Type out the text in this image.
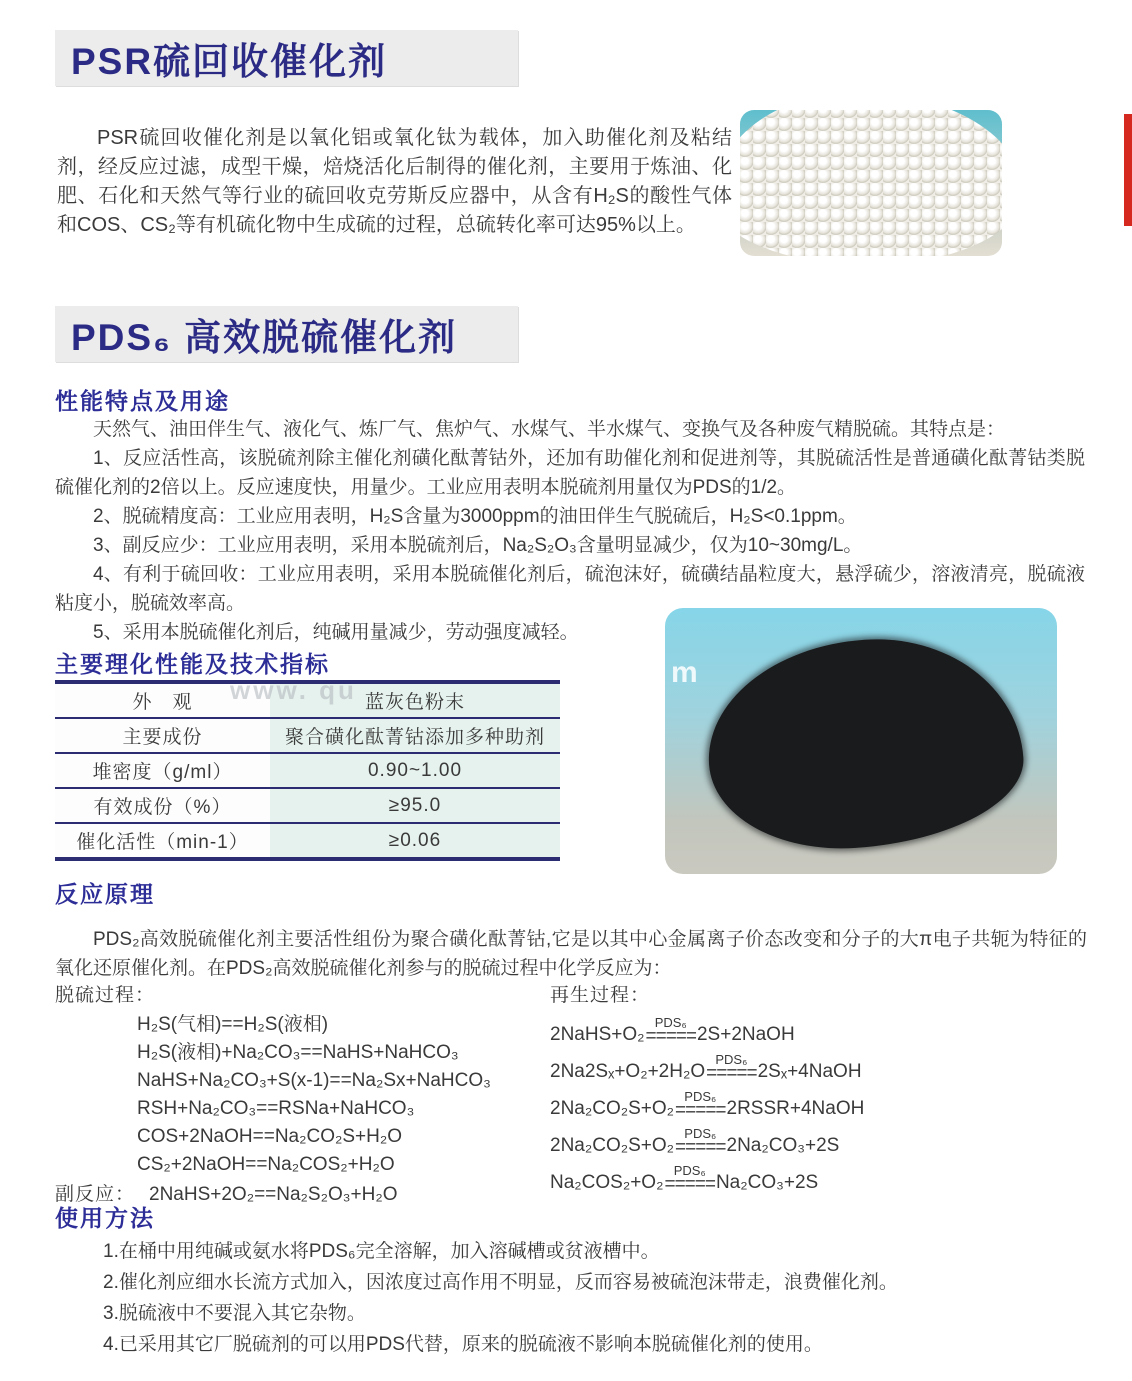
PSR硫回收催化剂

PSR硫回收催化剂是以氧化铝或氧化钛为载体，加入助催化剂及粘结剂，经反应过滤，成型干燥，焙烧活化后制得的催化剂，主要用于炼油、化肥、石化和天然气等行业的硫回收克劳斯反应器中，从含有H₂S的酸性气体和COS、CS₂等有机硫化物中生成硫的过程，总硫转化率可达95%以上。

PDS₆ 高效脱硫催化剂
性能特点及用途

天然气、油田伴生气、液化气、炼厂气、焦炉气、水煤气、半水煤气、变换气及各种废气精脱硫。其特点是：

1、反应活性高，该脱硫剂除主催化剂磺化酞菁钴外，还加有助催化剂和促进剂等，其脱硫活性是普通磺化酞菁钴类脱硫催化剂的2倍以上。反应速度快，用量少。工业应用表明本脱硫剂用量仅为PDS的1/2。

2、脱硫精度高：工业应用表明，H₂S含量为3000ppm的油田伴生气脱硫后，H₂S<0.1ppm。

3、副反应少：工业应用表明，采用本脱硫剂后，Na₂S₂O₃含量明显减少，仅为10~30mg/L。

4、有利于硫回收：工业应用表明，采用本脱硫催化剂后，硫泡沫好，硫磺结晶粒度大，悬浮硫少，溶液清亮，脱硫液粘度小，脱硫效率高。

5、采用本脱硫催化剂后，纯碱用量减少，劳动强度减轻。

主要理化性能及技术指标
外　观	蓝灰色粉末
主要成份	聚合磺化酞菁钴添加多种助剂
堆密度（g/ml）	0.90~1.00
有效成份（%）	≥95.0
催化活性（min-1）	≥0.06
www. qu
m
反应原理

PDS₂高效脱硫催化剂主要活性组份为聚合磺化酞菁钴,它是以其中心金属离子价态改变和分子的大π电子共轭为特征的氧化还原催化剂。在PDS₂高效脱硫催化剂参与的脱硫过程中化学反应为：

脱硫过程：
H₂S(气相)==H₂S(液相)
H₂S(液相)+Na₂CO₃==NaHS+NaHCO₃
NaHS+Na₂CO₃+S(x-1)==Na₂Sx+NaHCO₃
RSH+Na₂CO₃==RSNa+NaHCO₃
COS+2NaOH==Na₂CO₂S+H₂O
CS₂+2NaOH==Na₂COS₂+H₂O
副反应： 2NaHS+2O₂==Na₂S₂O₃+H₂O
再生过程：
2NaHS+O₂
PDS₆
===== 2S+2NaOH
2Na2Sₓ+O₂+2H₂O
PDS₆
===== 2Sₓ+4NaOH
2Na₂CO₂S+O₂
PDS₆
===== 2RSSR+4NaOH
2Na₂CO₂S+O₂
PDS₆
===== 2Na₂CO₃+2S
Na₂COS₂+O₂
PDS₆
===== Na₂CO₃+2S
使用方法
1.在桶中用纯碱或氨水将PDS₆完全溶解，加入溶碱槽或贫液槽中。
2.催化剂应细水长流方式加入，因浓度过高作用不明显，反而容易被硫泡沫带走，浪费催化剂。
3.脱硫液中不要混入其它杂物。
4.已采用其它厂脱硫剂的可以用PDS代替，原来的脱硫液不影响本脱硫催化剂的使用。
